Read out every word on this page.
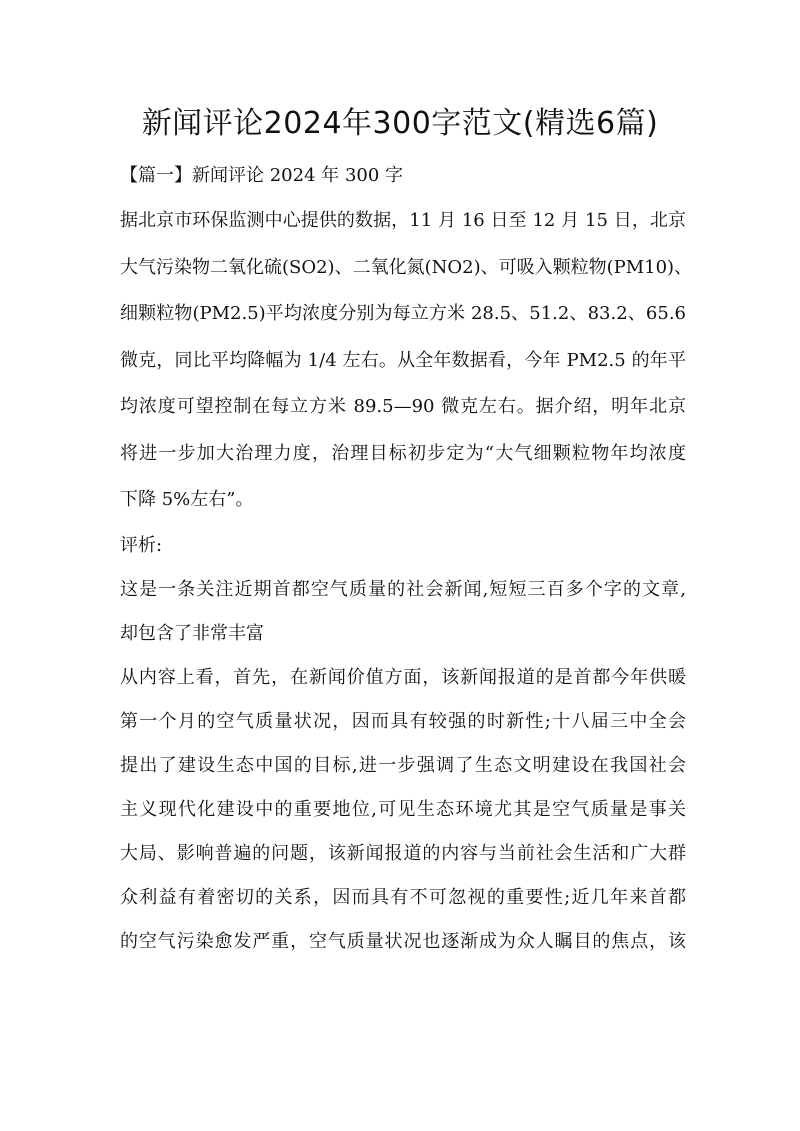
新闻评论2024年300字范文(精选6篇)
【篇一】新闻评论 2024 年 300 字
据北京市环保监测中心提供的数据，11 月 16 日至 12 月 15 日，北京
大气污染物二氧化硫(SO2)、二氧化氮(NO2)、可吸入颗粒物(PM10)、
细颗粒物(PM2.5)平均浓度分别为每立方米 28.5、51.2、83.2、65.6
微克，同比平均降幅为 1/4 左右。从全年数据看，今年 PM2.5 的年平
均浓度可望控制在每立方米 89.5—90 微克左右。据介绍，明年北京
将进一步加大治理力度，治理目标初步定为“大气细颗粒物年均浓度
下降 5%左右”。
评析:
这是一条关注近期首都空气质量的社会新闻,短短三百多个字的文章,
却包含了非常丰富
从内容上看，首先，在新闻价值方面，该新闻报道的是首都今年供暖
第一个月的空气质量状况，因而具有较强的时新性;十八届三中全会
提出了建设生态中国的目标,进一步强调了生态文明建设在我国社会
主义现代化建设中的重要地位,可见生态环境尤其是空气质量是事关
大局、影响普遍的问题，该新闻报道的内容与当前社会生活和广大群
众利益有着密切的关系，因而具有不可忽视的重要性;近几年来首都
的空气污染愈发严重，空气质量状况也逐渐成为众人瞩目的焦点，该
